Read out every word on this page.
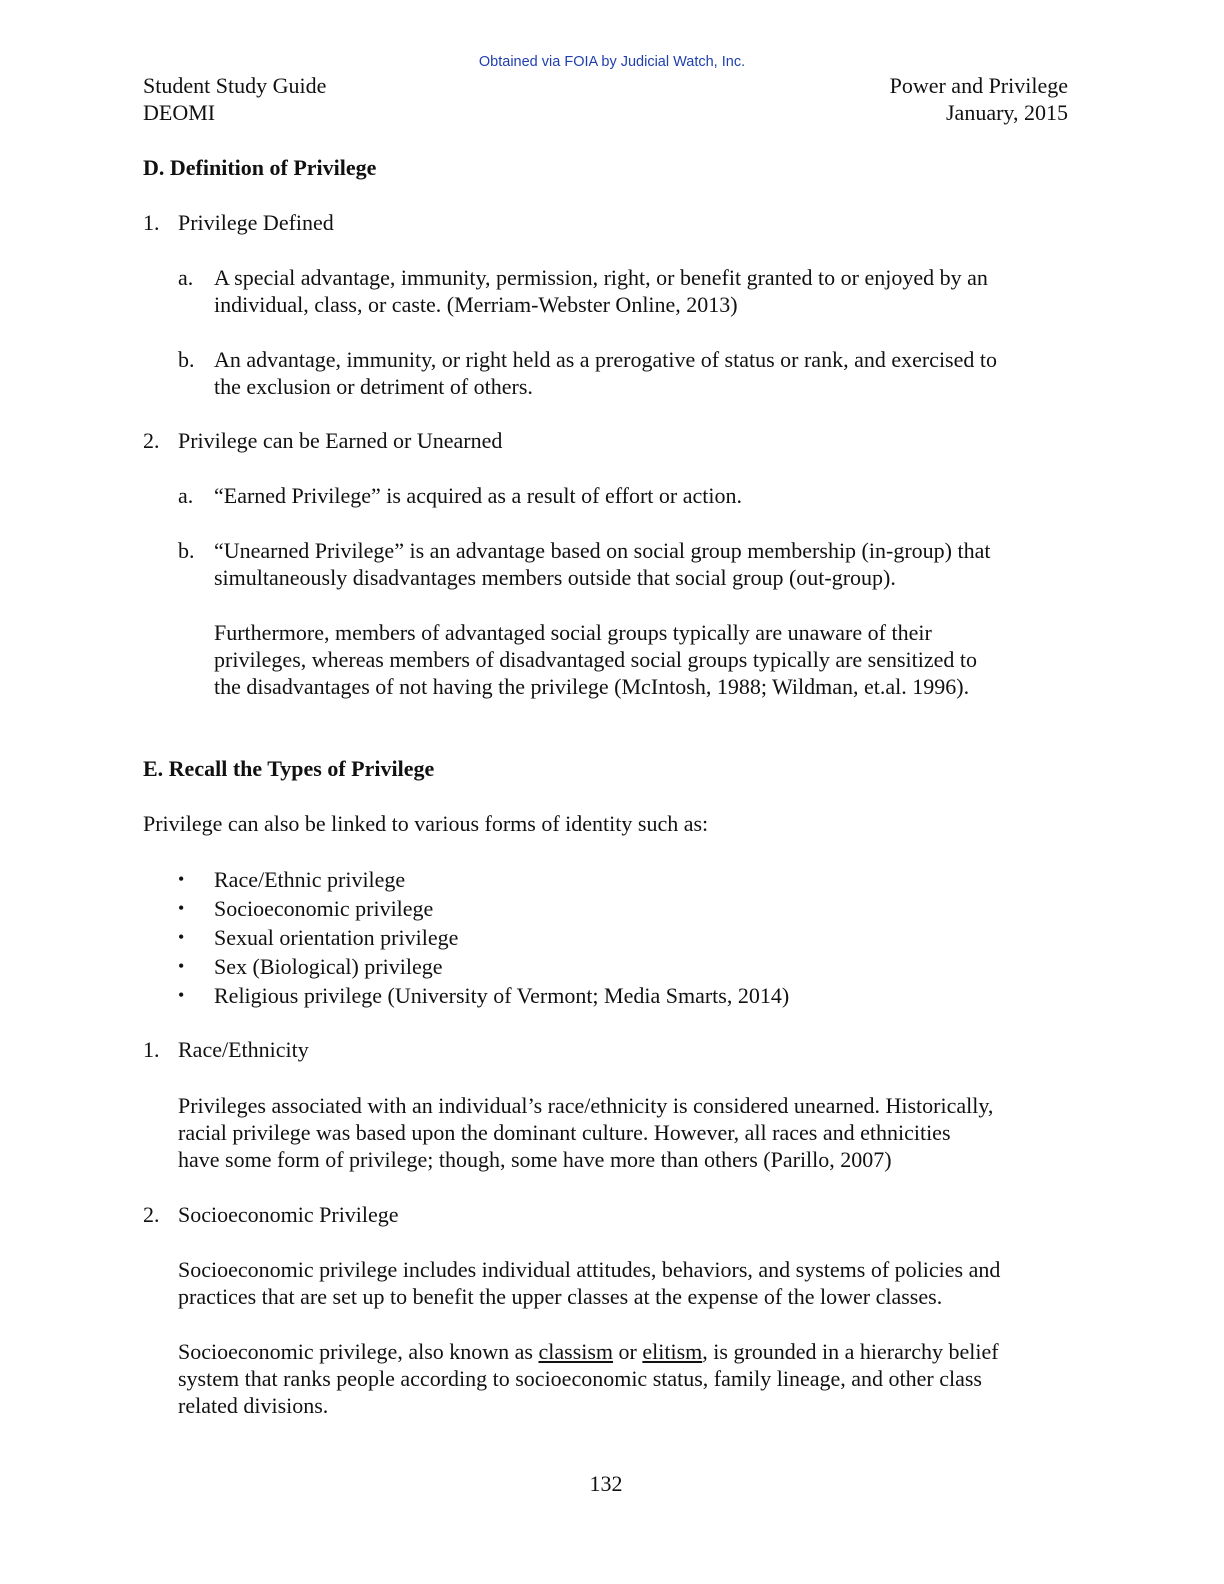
Obtained via FOIA by Judicial Watch, Inc.
Student Study Guide
DEOMI
Power and Privilege
January, 2015
D. Definition of Privilege
1. Privilege Defined
a. A special advantage, immunity, permission, right, or benefit granted to or enjoyed by an
individual, class, or caste. (Merriam-Webster Online, 2013)
b. An advantage, immunity, or right held as a prerogative of status or rank, and exercised to
the exclusion or detriment of others.
2. Privilege can be Earned or Unearned
a. “Earned Privilege” is acquired as a result of effort or action.
b. “Unearned Privilege” is an advantage based on social group membership (in-group) that
simultaneously disadvantages members outside that social group (out-group).
Furthermore, members of advantaged social groups typically are unaware of their
privileges, whereas members of disadvantaged social groups typically are sensitized to
the disadvantages of not having the privilege (McIntosh, 1988; Wildman, et.al. 1996).
E. Recall the Types of Privilege
Privilege can also be linked to various forms of identity such as:
• Race/Ethnic privilege
• Socioeconomic privilege
• Sexual orientation privilege
• Sex (Biological) privilege
• Religious privilege (University of Vermont; Media Smarts, 2014)
1. Race/Ethnicity
Privileges associated with an individual’s race/ethnicity is considered unearned. Historically,
racial privilege was based upon the dominant culture. However, all races and ethnicities
have some form of privilege; though, some have more than others (Parillo, 2007)
2. Socioeconomic Privilege
Socioeconomic privilege includes individual attitudes, behaviors, and systems of policies and
practices that are set up to benefit the upper classes at the expense of the lower classes.
Socioeconomic privilege, also known as classism or elitism, is grounded in a hierarchy belief
system that ranks people according to socioeconomic status, family lineage, and other class
related divisions.
132
